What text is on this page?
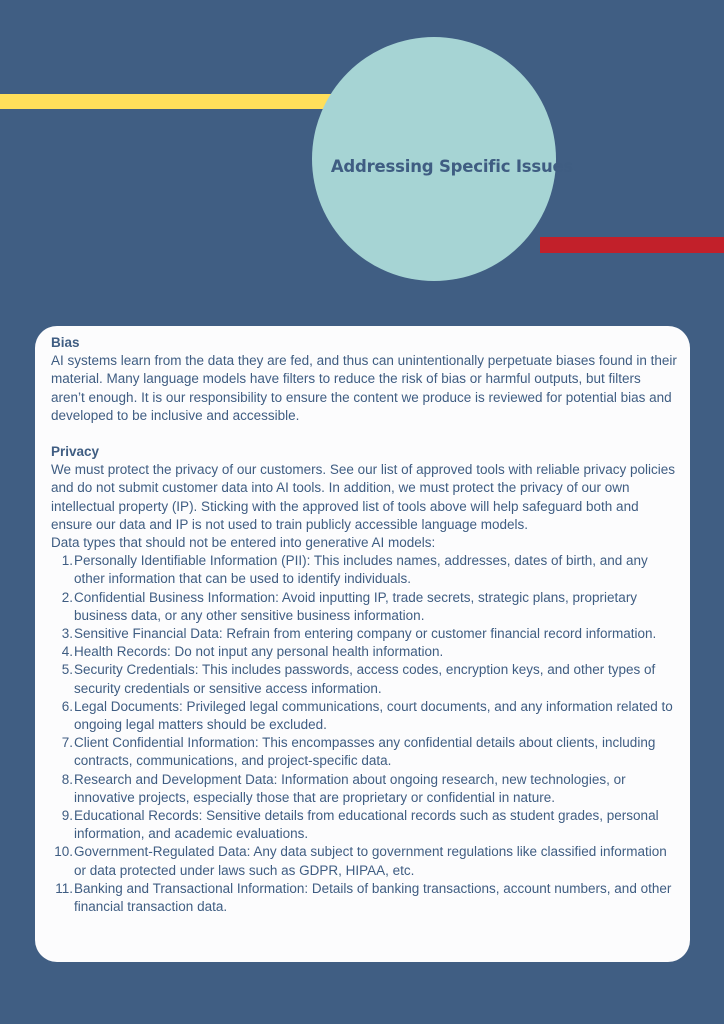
Addressing Specific Issues
Bias
AI systems learn from the data they are fed, and thus can unintentionally perpetuate biases found in their material. Many language models have filters to reduce the risk of bias or harmful outputs, but filters aren’t enough. It is our responsibility to ensure the content we produce is reviewed for potential bias and developed to be inclusive and accessible.
Privacy
We must protect the privacy of our customers. See our list of approved tools with reliable privacy policies and do not submit customer data into AI tools. In addition, we must protect the privacy of our own intellectual property (IP). Sticking with the approved list of tools above will help safeguard both and ensure our data and IP is not used to train publicly accessible language models.
Data types that should not be entered into generative AI models:
1. Personally Identifiable Information (PII): This includes names, addresses, dates of birth, and any other information that can be used to identify individuals.
2. Confidential Business Information: Avoid inputting IP, trade secrets, strategic plans, proprietary business data, or any other sensitive business information.
3. Sensitive Financial Data: Refrain from entering company or customer financial record information.
4. Health Records: Do not input any personal health information.
5. Security Credentials: This includes passwords, access codes, encryption keys, and other types of security credentials or sensitive access information.
6. Legal Documents: Privileged legal communications, court documents, and any information related to ongoing legal matters should be excluded.
7. Client Confidential Information: This encompasses any confidential details about clients, including contracts, communications, and project-specific data.
8. Research and Development Data: Information about ongoing research, new technologies, or innovative projects, especially those that are proprietary or confidential in nature.
9. Educational Records: Sensitive details from educational records such as student grades, personal information, and academic evaluations.
10. Government-Regulated Data: Any data subject to government regulations like classified information or data protected under laws such as GDPR, HIPAA, etc.
11. Banking and Transactional Information: Details of banking transactions, account numbers, and other financial transaction data.
